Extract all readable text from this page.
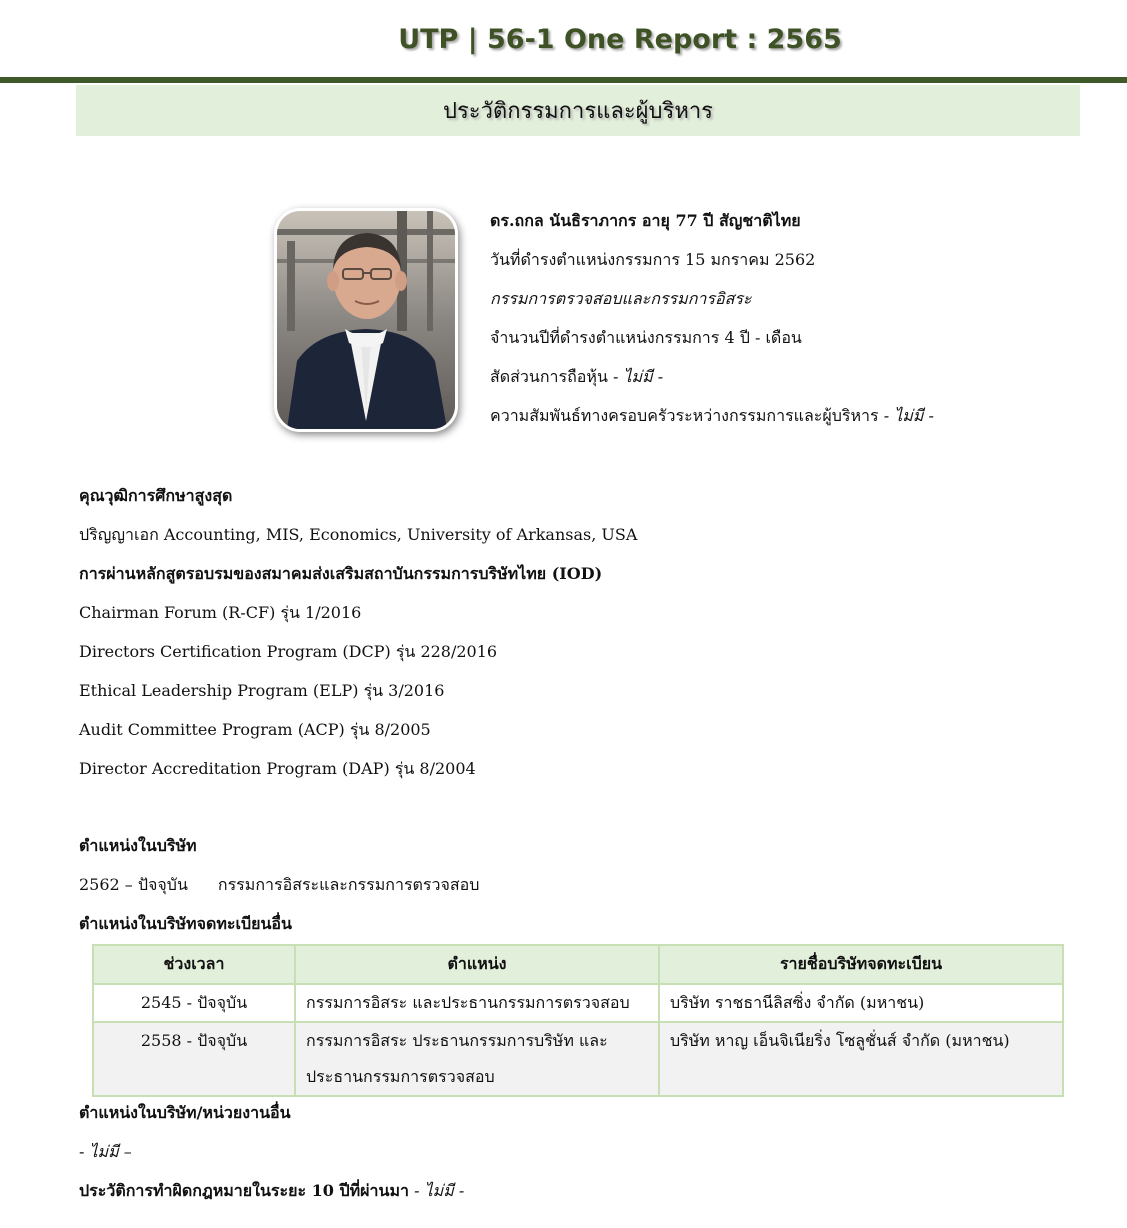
UTP | 56-1 One Report : 2565
ประวัติกรรมการและผู้บริหาร
ดร.ถกล นันธิราภากร อายุ 77 ปี สัญชาติไทย
วันที่ดำรงตำแหน่งกรรมการ 15 มกราคม 2562
กรรมการตรวจสอบและกรรมการอิสระ
จำนวนปีที่ดำรงตำแหน่งกรรมการ 4 ปี - เดือน
สัดส่วนการถือหุ้น - ไม่มี -
ความสัมพันธ์ทางครอบครัวระหว่างกรรมการและผู้บริหาร - ไม่มี -
คุณวุฒิการศึกษาสูงสุด
ปริญญาเอก Accounting, MIS, Economics, University of Arkansas, USA
การผ่านหลักสูตรอบรมของสมาคมส่งเสริมสถาบันกรรมการบริษัทไทย (IOD)
Chairman Forum (R-CF) รุ่น 1/2016
Directors Certification Program (DCP) รุ่น 228/2016
Ethical Leadership Program (ELP) รุ่น 3/2016
Audit Committee Program (ACP) รุ่น 8/2005
Director Accreditation Program (DAP) รุ่น 8/2004
ตำแหน่งในบริษัท
2562 – ปัจจุบัน กรรมการอิสระและกรรมการตรวจสอบ
ตำแหน่งในบริษัทจดทะเบียนอื่น
ช่วงเวลา	ตำแหน่ง	รายชื่อบริษัทจดทะเบียน
2545 - ปัจจุบัน	กรรมการอิสระ และประธานกรรมการตรวจสอบ	บริษัท ราชธานีลิสซิ่ง จำกัด (มหาชน)
2558 - ปัจจุบัน	กรรมการอิสระ ประธานกรรมการบริษัท และ
ประธานกรรมการตรวจสอบ	บริษัท หาญ เอ็นจิเนียริ่ง โซลูชั่นส์ จำกัด (มหาชน)
ตำแหน่งในบริษัท/หน่วยงานอื่น
- ไม่มี –
ประวัติการทำผิดกฎหมายในระยะ 10 ปีที่ผ่านมา - ไม่มี -
